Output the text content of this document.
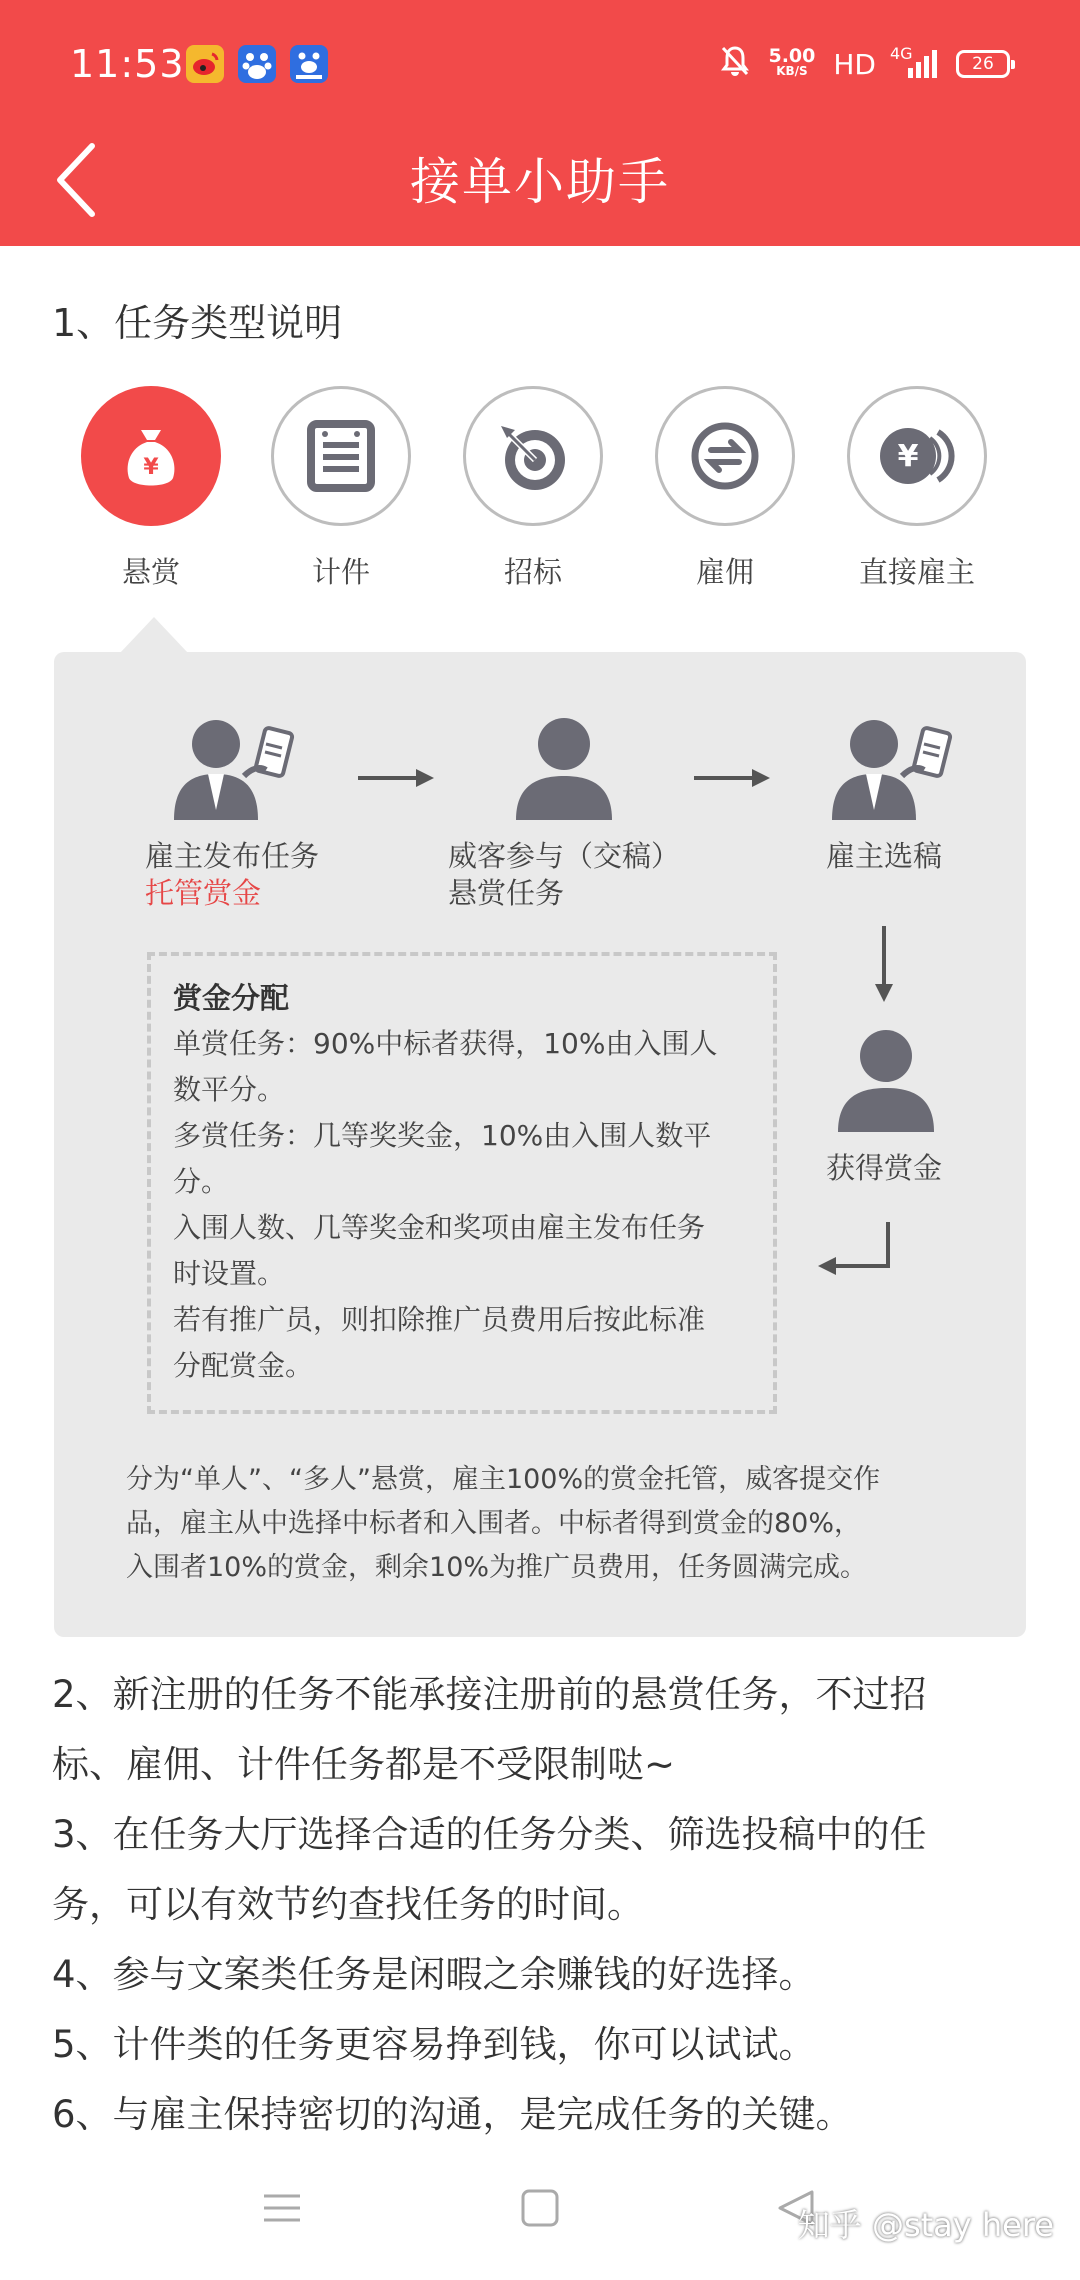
11:53	5.00
KB/S HD 4G
26
接单小助手
1、任务类型说明
¥
悬赏	计件	招标	雇佣
¥
直接雇主
雇主发布任务
托管赏金
威客参与（交稿）
悬赏任务
雇主选稿
获得赏金
赏金分配
单赏任务：90%中标者获得，10%由入围人
数平分。
多赏任务：几等奖奖金，10%由入围人数平
分。
入围人数、几等奖金和奖项由雇主发布任务
时设置。
若有推广员，则扣除推广员费用后按此标准
分配赏金。
分为“单人”、“多人”悬赏，雇主100%的赏金托管，威客提交作
品，雇主从中选择中标者和入围者。中标者得到赏金的80%，
入围者10%的赏金，剩余10%为推广员费用，任务圆满完成。
2、新注册的任务不能承接注册前的悬赏任务，不过招
标、雇佣、计件任务都是不受限制哒~
3、在任务大厅选择合适的任务分类、筛选投稿中的任
务，可以有效节约查找任务的时间。
4、参与文案类任务是闲暇之余赚钱的好选择。
5、计件类的任务更容易挣到钱，你可以试试。
6、与雇主保持密切的沟通，是完成任务的关键。
知乎 @stay here
